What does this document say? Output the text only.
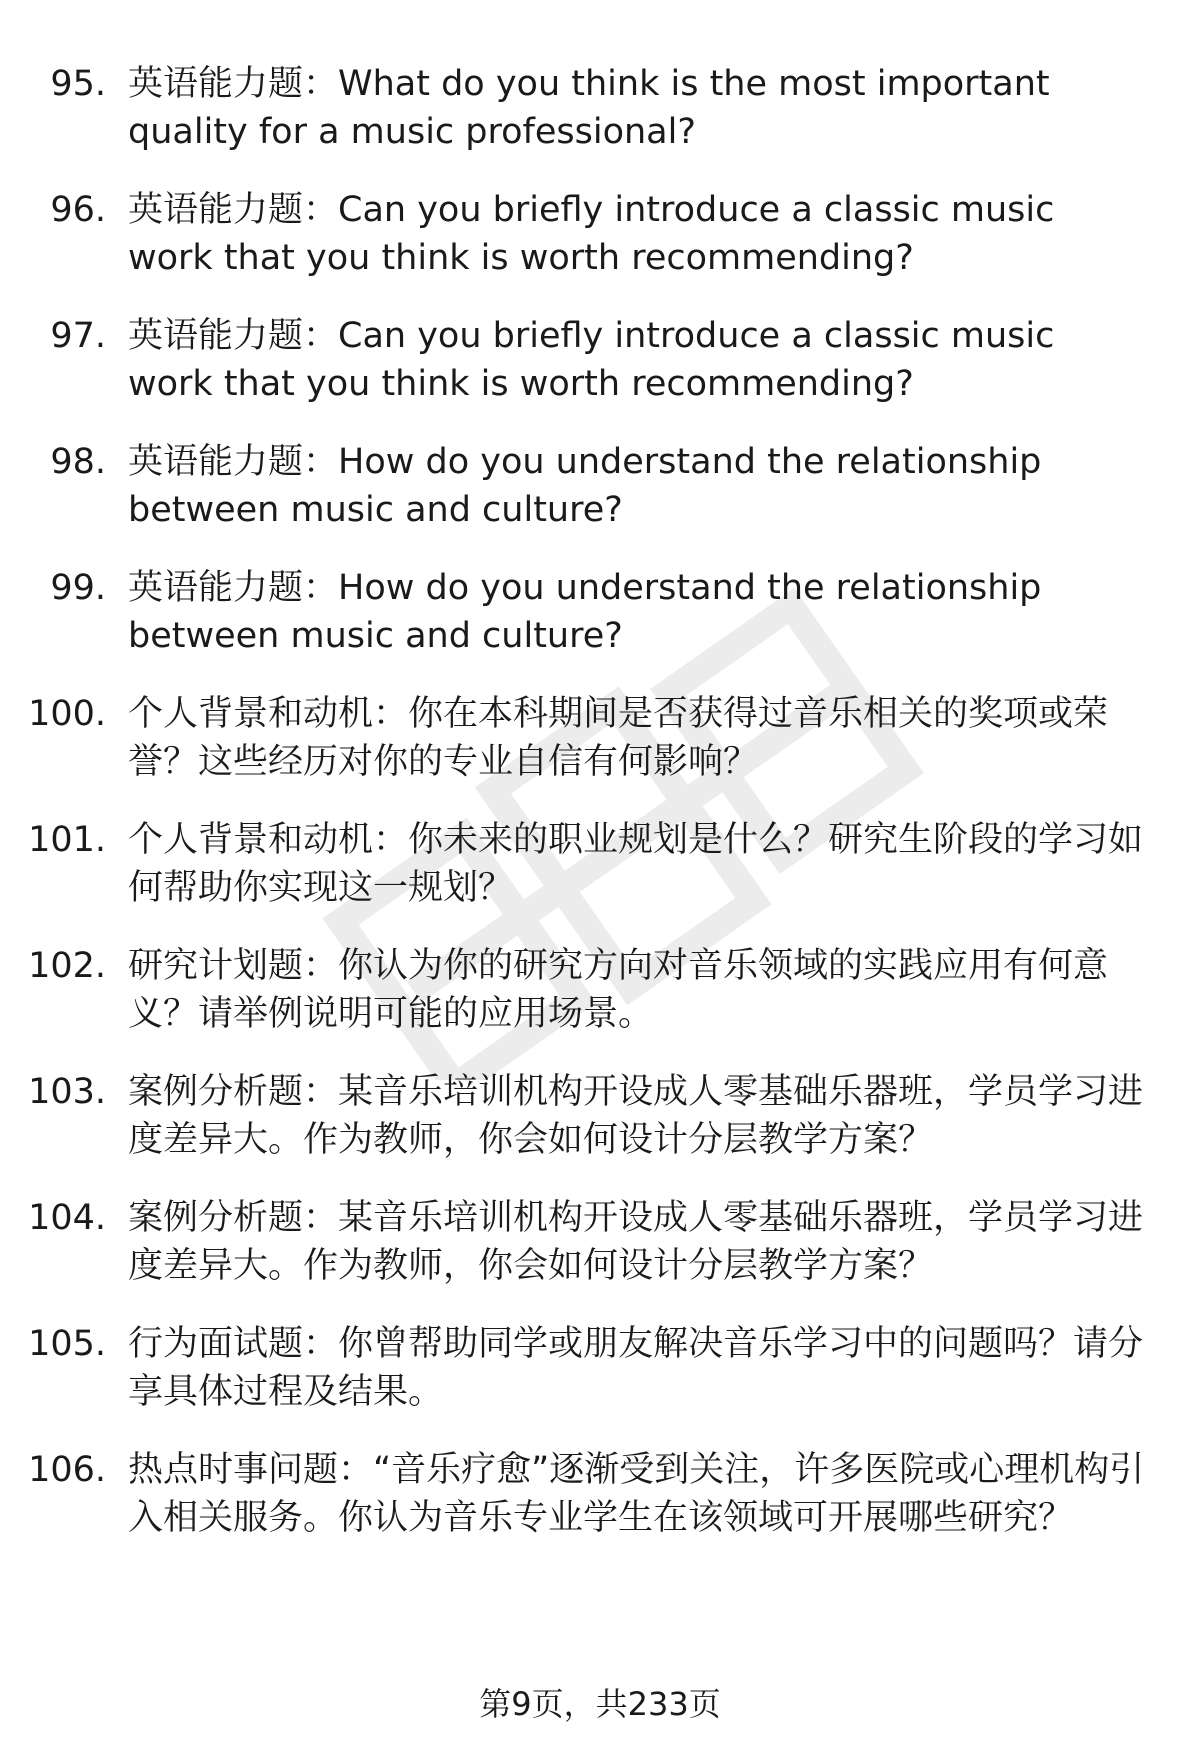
95. 英语能力题：What do you think is the most important quality for a music professional?
96. 英语能力题：Can you briefly introduce a classic music work that you think is worth recommending?
97. 英语能力题：Can you briefly introduce a classic music work that you think is worth recommending?
98. 英语能力题：How do you understand the relationship between music and culture?
99. 英语能力题：How do you understand the relationship between music and culture?
100. 个人背景和动机：你在本科期间是否获得过音乐相关的奖项或荣誉？这些经历对你的专业自信有何影响？
101. 个人背景和动机：你未来的职业规划是什么？研究生阶段的学习如何帮助你实现这一规划？
102. 研究计划题：你认为你的研究方向对音乐领域的实践应用有何意义？请举例说明可能的应用场景。
103. 案例分析题：某音乐培训机构开设成人零基础乐器班，学员学习进度差异大。作为教师，你会如何设计分层教学方案？
104. 案例分析题：某音乐培训机构开设成人零基础乐器班，学员学习进度差异大。作为教师，你会如何设计分层教学方案？
105. 行为面试题：你曾帮助同学或朋友解决音乐学习中的问题吗？请分享具体过程及结果。
106. 热点时事问题：“音乐疗愈”逐渐受到关注，许多医院或心理机构引入相关服务。你认为音乐专业学生在该领域可开展哪些研究？
第9页，共233页
